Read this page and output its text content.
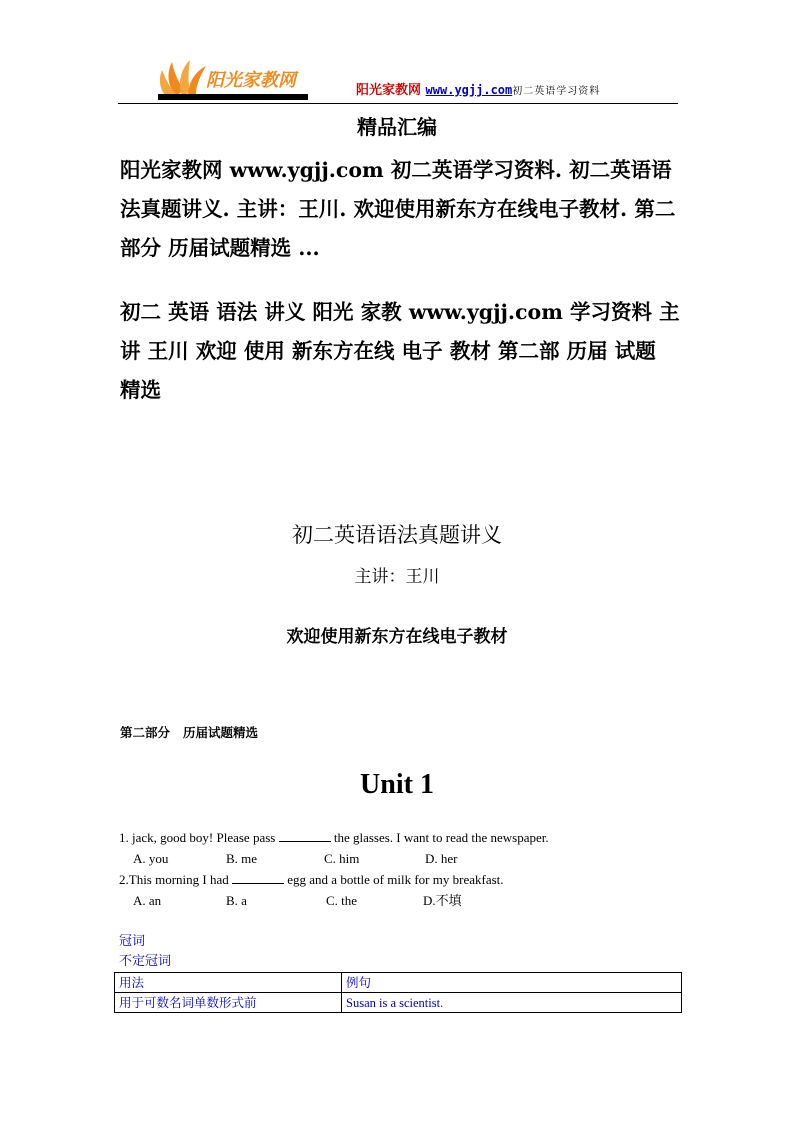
阳光家教网	阳光家教网 www.ygjj.com初二英语学习资料
精品汇编

阳光家教网 www.ygjj.com 初二英语学习资料. 初二英语语法真题讲义. 主讲：王川. 欢迎使用新东方在线电子教材. 第二部分 历届试题精选 ...

初二 英语 语法 讲义 阳光 家教 www.ygjj.com 学习资料 主讲 王川 欢迎 使用 新东方在线 电子 教材 第二部 历届 试题 精选

初二英语语法真题讲义
主讲：王川
欢迎使用新东方在线电子教材
第二部分   历届试题精选
Unit 1
1. jack, good boy! Please pass	the glasses. I want to read the newspaper.
A. you	B. me	C. him	D. her
2.This morning I had	egg and a bottle of milk for my breakfast.
A. an	B. a	C. the	D.不填
冠词
不定冠词
用法	例句
用于可数名词单数形式前	Susan is a scientist.
